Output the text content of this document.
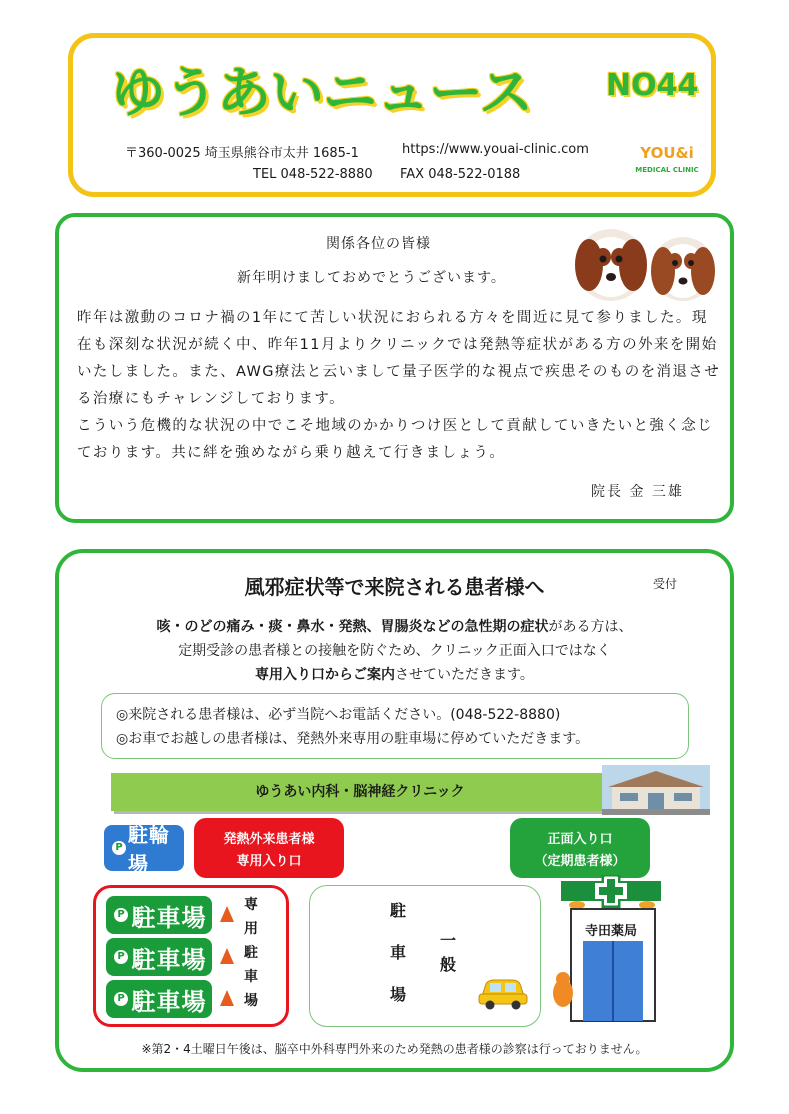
ゆうあいニュース NO44
〒360-0025 埼玉県熊谷市太井 1685-1	https://www.youai-clinic.com
TEL 048-522-8880 FAX 048-522-0188
YOU&i
MEDICAL CLINIC
関係各位の皆様
新年明けましておめでとうございます。
昨年は激動のコロナ禍の1年にて苦しい状況におられる方々を間近に見て参りました。現在も深刻な状況が続く中、昨年11月よりクリニックでは発熱等症状がある方の外来を開始いたしました。また、AWG療法と云いまして量子医学的な視点で疾患そのものを消退させる治療にもチャレンジしております。
こういう危機的な状況の中でこそ地域のかかりつけ医として貢献していきたいと強く念じております。共に絆を強めながら乗り越えて行きましょう。
院長 金 三雄
風邪症状等で来院される患者様へ	受付
咳・のどの痛み・痰・鼻水・発熱、胃腸炎などの急性期の症状がある方は、
定期受診の患者様との接触を防ぐため、クリニック正面入口ではなく
専用入り口からご案内させていただきます。
◎来院される患者様は、必ず当院へお電話ください。(048-522-8880)
◎お車でお越しの患者様は、発熱外来専用の駐車場に停めていただきます。
ゆうあい内科・脳神経クリニック
発熱外来患者様
専用入り口
正面入り口
（定期患者様）
P
駐輪場
P 駐車場
P 駐車場
P 駐車場
専
用
駐
車
場
駐
車
場
一
般
寺田薬局
※第2・4土曜日午後は、脳卒中外科専門外来のため発熱の患者様の診察は行っておりません。
